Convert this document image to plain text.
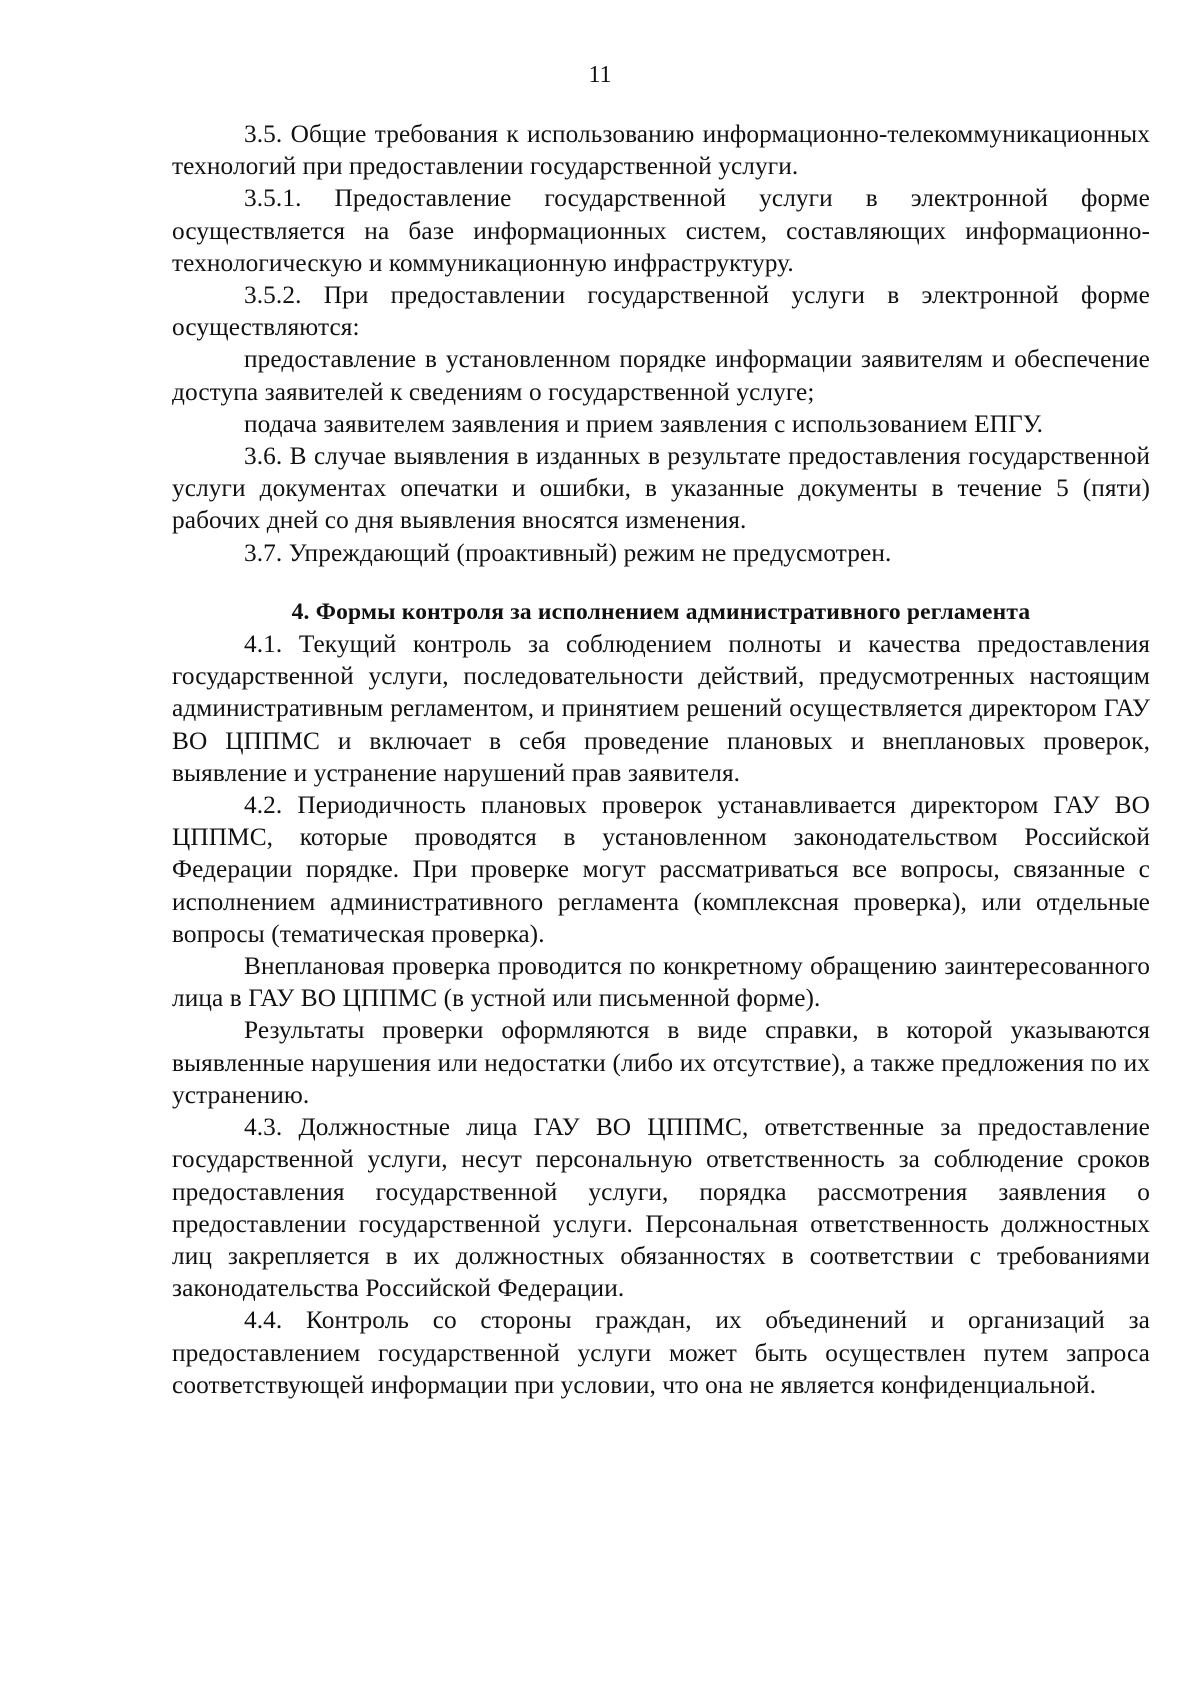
11

3.5. Общие требования к использованию информационно-телекоммуникационных технологий при предоставлении государственной услуги.

3.5.1. Предоставление государственной услуги в электронной форме осуществляется на базе информационных систем, составляющих информационно-технологическую и коммуникационную инфраструктуру.

3.5.2. При предоставлении государственной услуги в электронной форме осуществляются:

предоставление в установленном порядке информации заявителям и обеспечение доступа заявителей к сведениям о государственной услуге;

подача заявителем заявления и прием заявления с использованием ЕПГУ.

3.6. В случае выявления в изданных в результате предоставления государственной услуги документах опечатки и ошибки, в указанные документы в течение 5 (пяти) рабочих дней со дня выявления вносятся изменения.

3.7. Упреждающий (проактивный) режим не предусмотрен.

4. Формы контроля за исполнением административного регламента

4.1. Текущий контроль за соблюдением полноты и качества предоставления государственной услуги, последовательности действий, предусмотренных настоящим административным регламентом, и принятием решений осуществляется директором ГАУ ВО ЦППМС и включает в себя проведение плановых и внеплановых проверок, выявление и устранение нарушений прав заявителя.

4.2. Периодичность плановых проверок устанавливается директором ГАУ ВО ЦППМС, которые проводятся в установленном законодательством Российской Федерации порядке. При проверке могут рассматриваться все вопросы, связанные с исполнением административного регламента (комплексная проверка), или отдельные вопросы (тематическая проверка).

Внеплановая проверка проводится по конкретному обращению заинтересованного лица в ГАУ ВО ЦППМС (в устной или письменной форме).

Результаты проверки оформляются в виде справки, в которой указываются выявленные нарушения или недостатки (либо их отсутствие), а также предложения по их устранению.

4.3. Должностные лица ГАУ ВО ЦППМС, ответственные за предоставление государственной услуги, несут персональную ответственность за соблюдение сроков предоставления государственной услуги, порядка рассмотрения заявления о предоставлении государственной услуги. Персональная ответственность должностных лиц закрепляется в их должностных обязанностях в соответствии с требованиями законодательства Российской Федерации.

4.4. Контроль со стороны граждан, их объединений и организаций за предоставлением государственной услуги может быть осуществлен путем запроса соответствующей информации при условии, что она не является конфиденциальной.
